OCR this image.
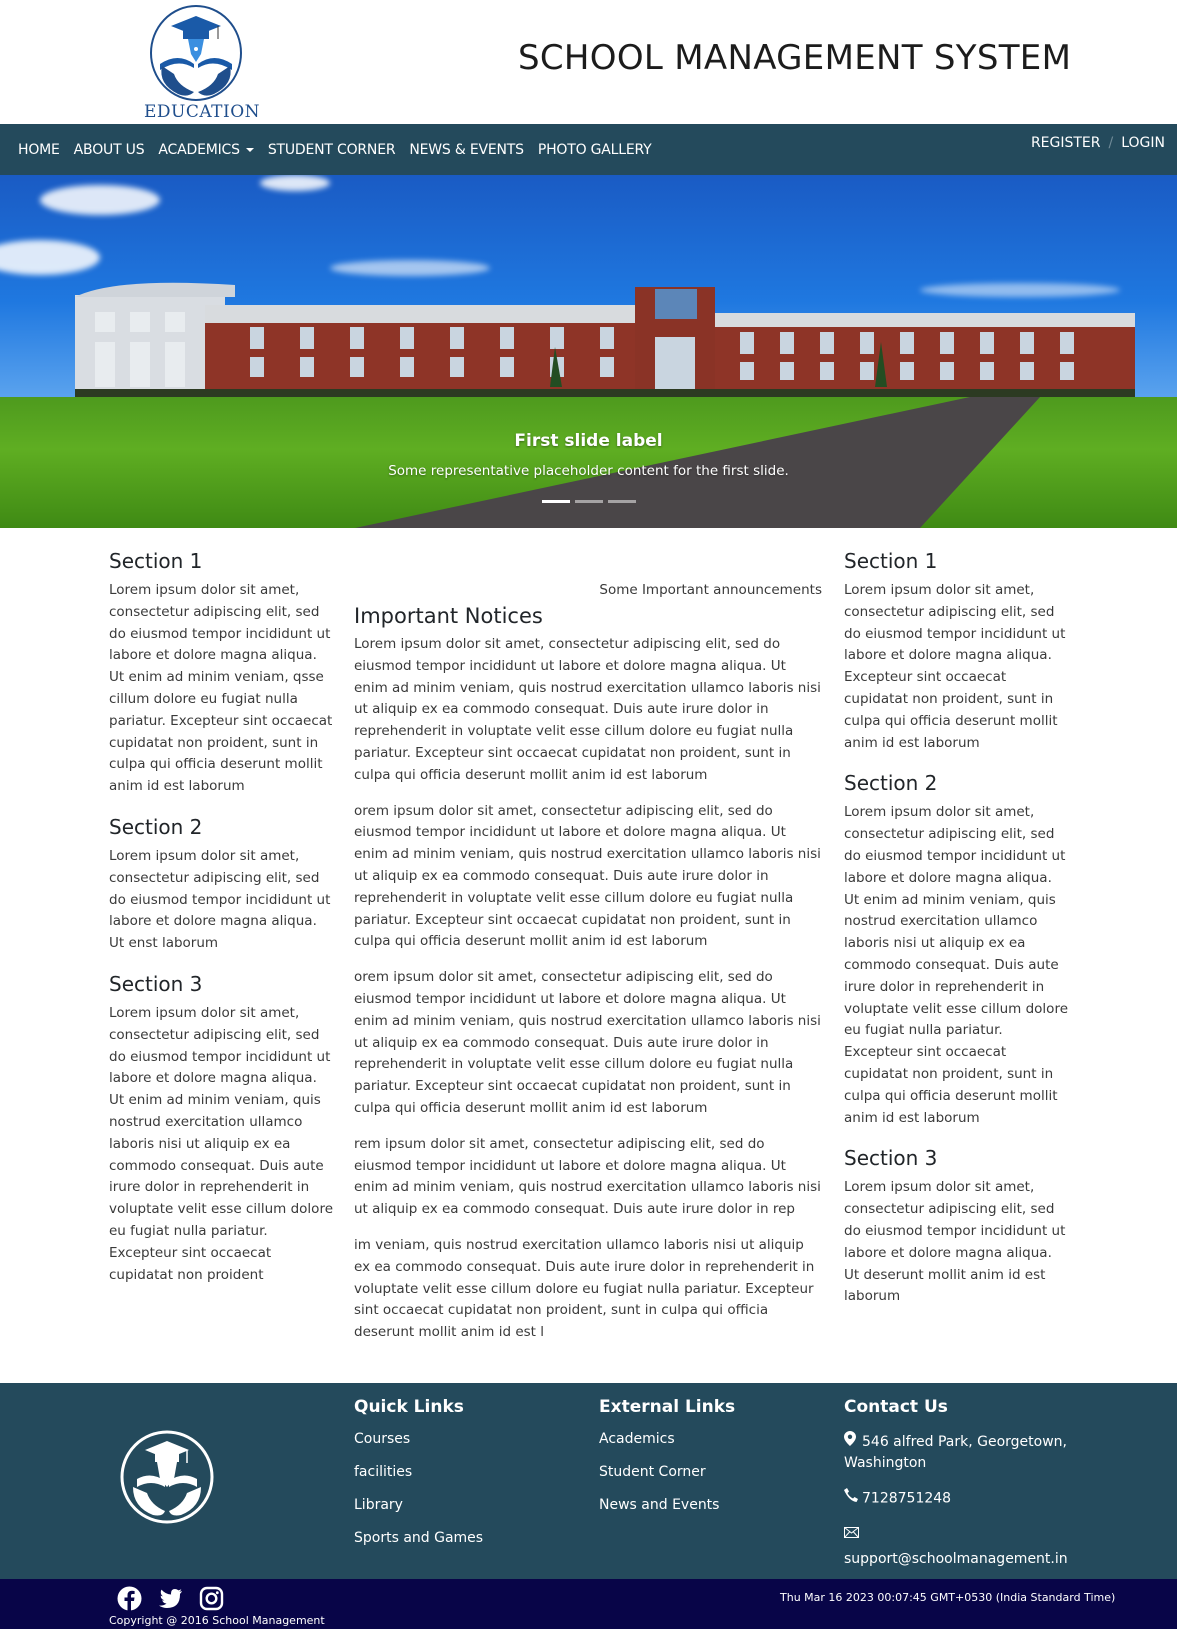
EDUCATION
SCHOOL MANAGEMENT SYSTEM
HOME ABOUT US ACADEMICS	STUDENT CORNER NEWS & EVENTS PHOTO GALLERY	REGISTER / LOGIN
First slide label

Some representative placeholder content for the first slide.

Section 1

Lorem ipsum dolor sit amet, consectetur adipiscing elit, sed do eiusmod tempor incididunt ut labore et dolore magna aliqua. Ut enim ad minim veniam, qsse cillum dolore eu fugiat nulla pariatur. Excepteur sint occaecat cupidatat non proident, sunt in culpa qui officia deserunt mollit anim id est laborum

Section 2

Lorem ipsum dolor sit amet, consectetur adipiscing elit, sed do eiusmod tempor incididunt ut labore et dolore magna aliqua. Ut enst laborum

Section 3

Lorem ipsum dolor sit amet, consectetur adipiscing elit, sed do eiusmod tempor incididunt ut labore et dolore magna aliqua. Ut enim ad minim veniam, quis nostrud exercitation ullamco laboris nisi ut aliquip ex ea commodo consequat. Duis aute irure dolor in reprehenderit in voluptate velit esse cillum dolore eu fugiat nulla pariatur. Excepteur sint occaecat cupidatat non proident

Some Important announcements
Important Notices

Lorem ipsum dolor sit amet, consectetur adipiscing elit, sed do eiusmod tempor incididunt ut labore et dolore magna aliqua. Ut enim ad minim veniam, quis nostrud exercitation ullamco laboris nisi ut aliquip ex ea commodo consequat. Duis aute irure dolor in reprehenderit in voluptate velit esse cillum dolore eu fugiat nulla pariatur. Excepteur sint occaecat cupidatat non proident, sunt in culpa qui officia deserunt mollit anim id est laborum

orem ipsum dolor sit amet, consectetur adipiscing elit, sed do eiusmod tempor incididunt ut labore et dolore magna aliqua. Ut enim ad minim veniam, quis nostrud exercitation ullamco laboris nisi ut aliquip ex ea commodo consequat. Duis aute irure dolor in reprehenderit in voluptate velit esse cillum dolore eu fugiat nulla pariatur. Excepteur sint occaecat cupidatat non proident, sunt in culpa qui officia deserunt mollit anim id est laborum

orem ipsum dolor sit amet, consectetur adipiscing elit, sed do eiusmod tempor incididunt ut labore et dolore magna aliqua. Ut enim ad minim veniam, quis nostrud exercitation ullamco laboris nisi ut aliquip ex ea commodo consequat. Duis aute irure dolor in reprehenderit in voluptate velit esse cillum dolore eu fugiat nulla pariatur. Excepteur sint occaecat cupidatat non proident, sunt in culpa qui officia deserunt mollit anim id est laborum

rem ipsum dolor sit amet, consectetur adipiscing elit, sed do eiusmod tempor incididunt ut labore et dolore magna aliqua. Ut enim ad minim veniam, quis nostrud exercitation ullamco laboris nisi ut aliquip ex ea commodo consequat. Duis aute irure dolor in rep

im veniam, quis nostrud exercitation ullamco laboris nisi ut aliquip ex ea commodo consequat. Duis aute irure dolor in reprehenderit in voluptate velit esse cillum dolore eu fugiat nulla pariatur. Excepteur sint occaecat cupidatat non proident, sunt in culpa qui officia deserunt mollit anim id est l

Section 1

Lorem ipsum dolor sit amet, consectetur adipiscing elit, sed do eiusmod tempor incididunt ut labore et dolore magna aliqua. Excepteur sint occaecat cupidatat non proident, sunt in culpa qui officia deserunt mollit anim id est laborum

Section 2

Lorem ipsum dolor sit amet, consectetur adipiscing elit, sed do eiusmod tempor incididunt ut labore et dolore magna aliqua. Ut enim ad minim veniam, quis nostrud exercitation ullamco laboris nisi ut aliquip ex ea commodo consequat. Duis aute irure dolor in reprehenderit in voluptate velit esse cillum dolore eu fugiat nulla pariatur. Excepteur sint occaecat cupidatat non proident, sunt in culpa qui officia deserunt mollit anim id est laborum

Section 3

Lorem ipsum dolor sit amet, consectetur adipiscing elit, sed do eiusmod tempor incididunt ut labore et dolore magna aliqua. Ut deserunt mollit anim id est laborum

Quick Links
Courses
facilities
Library
Sports and Games
External Links
Academics
Student Corner
News and Events
Contact Us
546 alfred Park, Georgetown, Washington
7128751248
support@schoolmanagement.in
Copyright @ 2016 School Management
Thu Mar 16 2023 00:07:45 GMT+0530 (India Standard Time)
